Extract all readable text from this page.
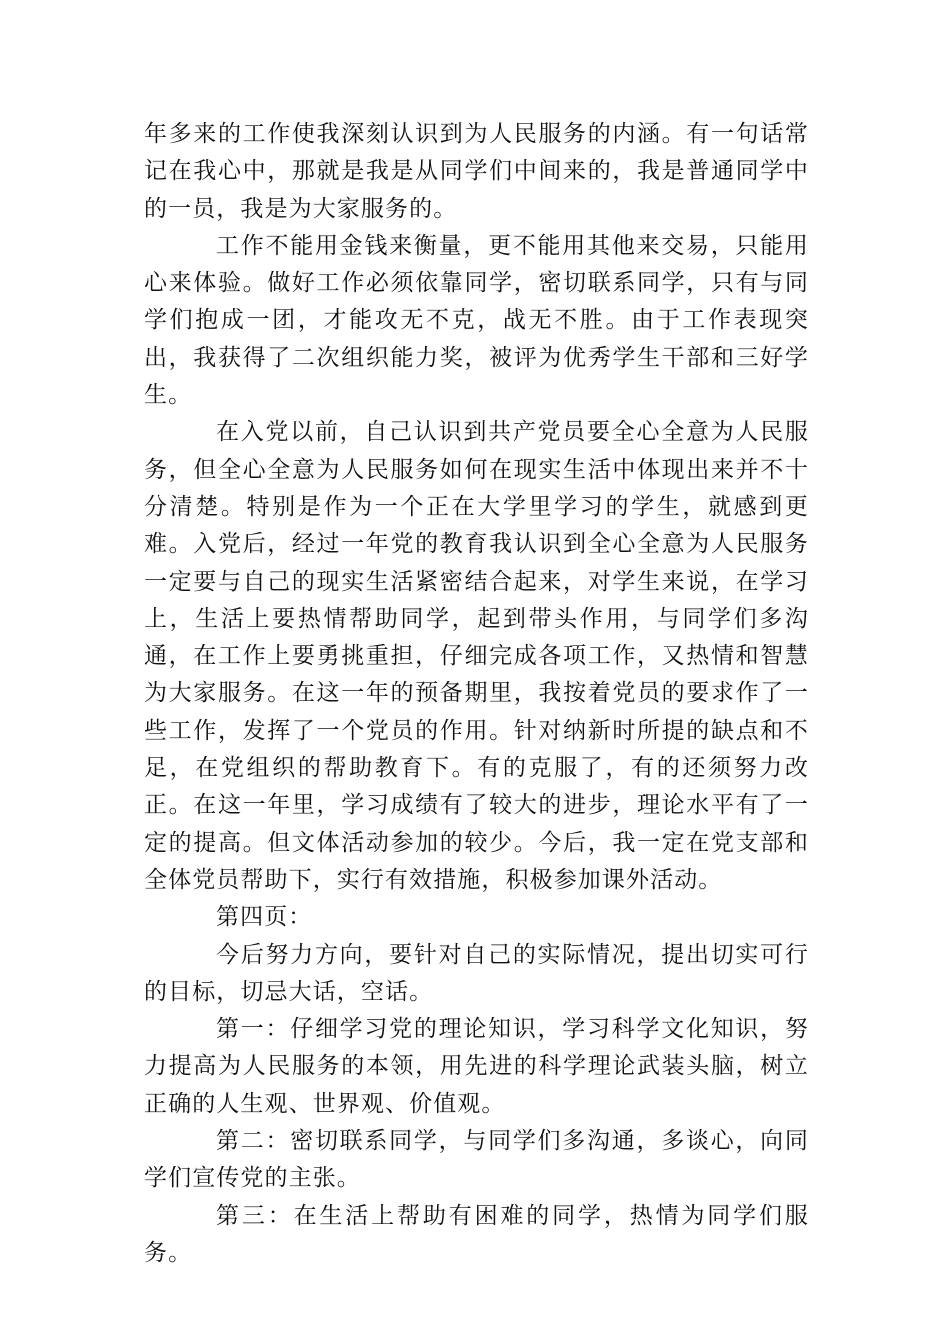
年多来的工作使我深刻认识到为人民服务的内涵。有一句话常记在我心中，那就是我是从同学们中间来的，我是普通同学中的一员，我是为大家服务的。

工作不能用金钱来衡量，更不能用其他来交易，只能用心来体验。做好工作必须依靠同学，密切联系同学，只有与同学们抱成一团，才能攻无不克，战无不胜。由于工作表现突出，我获得了二次组织能力奖，被评为优秀学生干部和三好学生。

在入党以前，自己认识到共产党员要全心全意为人民服务，但全心全意为人民服务如何在现实生活中体现出来并不十分清楚。特别是作为一个正在大学里学习的学生，就感到更难。入党后，经过一年党的教育我认识到全心全意为人民服务一定要与自己的现实生活紧密结合起来，对学生来说，在学习上，生活上要热情帮助同学，起到带头作用，与同学们多沟通，在工作上要勇挑重担，仔细完成各项工作，又热情和智慧为大家服务。在这一年的预备期里，我按着党员的要求作了一些工作，发挥了一个党员的作用。针对纳新时所提的缺点和不足，在党组织的帮助教育下。有的克服了，有的还须努力改正。在这一年里，学习成绩有了较大的进步，理论水平有了一定的提高。但文体活动参加的较少。今后，我一定在党支部和全体党员帮助下，实行有效措施，积极参加课外活动。

第四页：

今后努力方向，要针对自己的实际情况，提出切实可行的目标，切忌大话，空话。

第一：仔细学习党的理论知识，学习科学文化知识，努力提高为人民服务的本领，用先进的科学理论武装头脑，树立正确的人生观、世界观、价值观。

第二：密切联系同学，与同学们多沟通，多谈心，向同学们宣传党的主张。

第三：在生活上帮助有困难的同学，热情为同学们服务。
